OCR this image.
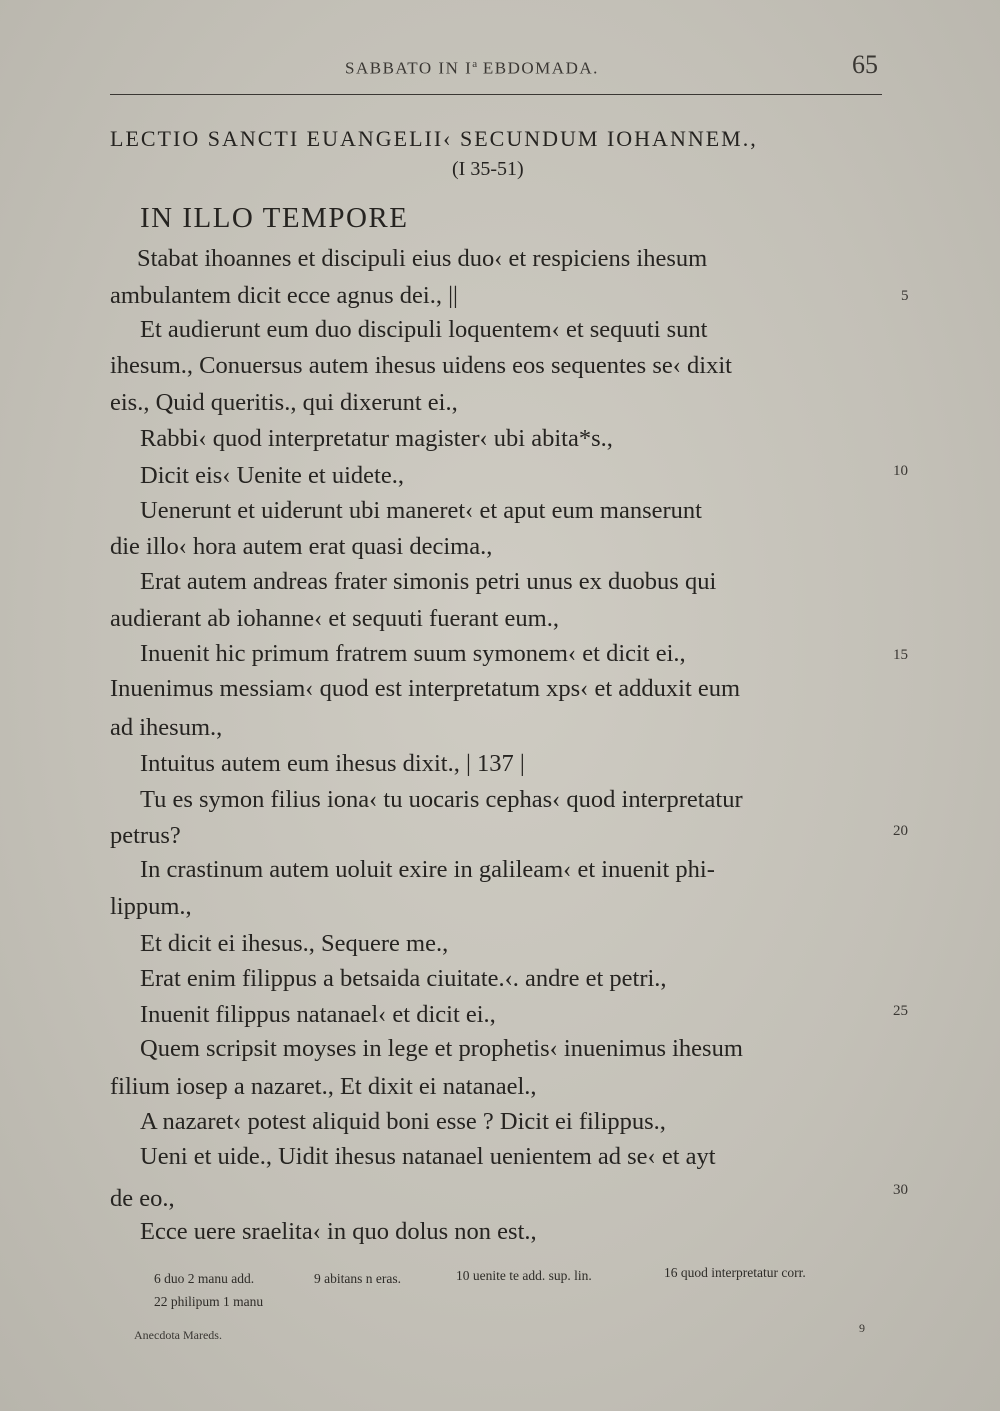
SABBATO IN $I^a$ EBDOMADA.	65
LECTIO SANCTI EUANGELII‹ SECUNDUM IOHANNEM.,
(I 35-51)
IN ILLO TEMPORE
Stabat ihoannes et discipuli eius duo‹ et respiciens ihesum
ambulantem dicit ecce agnus dei., ||
Et audierunt eum duo discipuli loquentem‹ et sequuti sunt
ihesum., Conuersus autem ihesus uidens eos sequentes se‹ dixit
eis., Quid queritis., qui dixerunt ei.,
Rabbi‹ quod interpretatur magister‹ ubi abita*s.,
Dicit eis‹ Uenite et uidete.,
Uenerunt et uiderunt ubi maneret‹ et aput eum manserunt
die illo‹ hora autem erat quasi decima.,
Erat autem andreas frater simonis petri unus ex duobus qui
audierant ab iohanne‹ et sequuti fuerant eum.,
Inuenit hic primum fratrem suum symonem‹ et dicit ei.,
Inuenimus messiam‹ quod est interpretatum xps‹ et adduxit eum
ad ihesum.,
Intuitus autem eum ihesus dixit., | 137 |
Tu es symon filius iona‹ tu uocaris cephas‹ quod interpretatur
petrus?
In crastinum autem uoluit exire in galileam‹ et inuenit phi-
lippum.,
Et dicit ei ihesus., Sequere me.,
Erat enim filippus a betsaida ciuitate.‹. andre et petri.,
Inuenit filippus natanael‹ et dicit ei.,
Quem scripsit moyses in lege et prophetis‹ inuenimus ihesum
filium iosep a nazaret., Et dixit ei natanael.,
A nazaret‹ potest aliquid boni esse ? Dicit ei filippus.,
Ueni et uide., Uidit ihesus natanael uenientem ad se‹ et ayt
de eo.,
Ecce uere sraelita‹ in quo dolus non est.,
5
10
15
20
25
30
6 duo 2 manu add.	9 abitans n eras.	10 uenite te add. sup. lin.	16 quod interpretatur corr.
22 philipum 1 manu
Anecdota Mareds.	9
